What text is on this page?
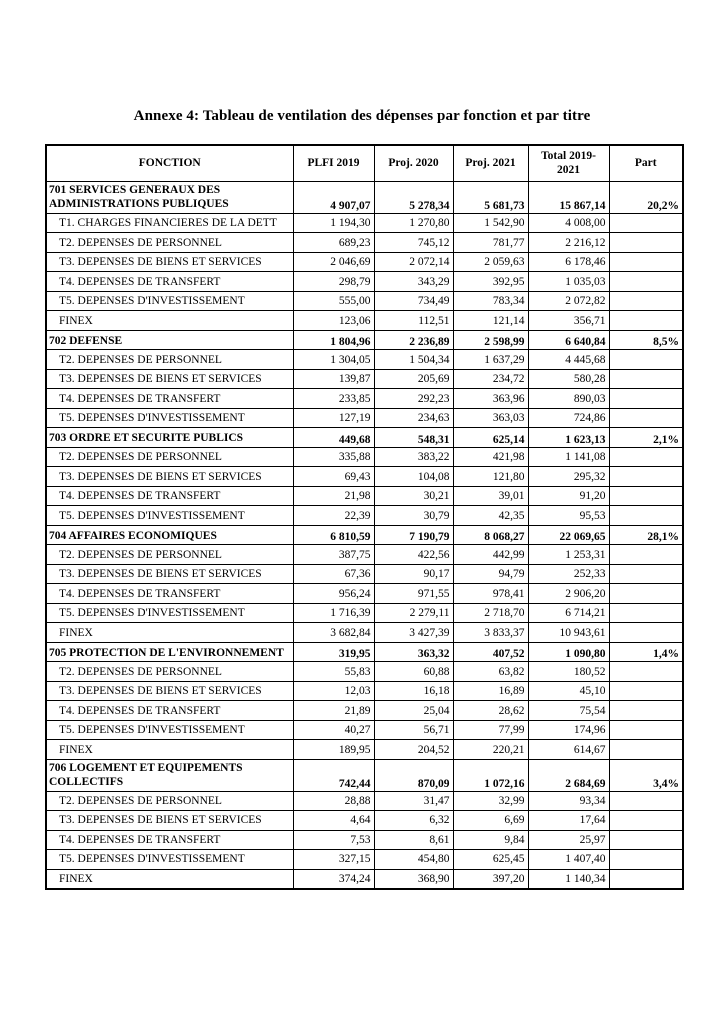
Annexe 4: Tableau de ventilation des dépenses par fonction et par titre
FONCTION	PLFI 2019	Proj. 2020	Proj. 2021	Total 2019-2021	Part
701 SERVICES GENERAUX DES ADMINISTRATIONS PUBLIQUES	4 907,07	5 278,34	5 681,73	15 867,14	20,2%
T1. CHARGES FINANCIERES DE LA DETT	1 194,30	1 270,80	1 542,90	4 008,00	
T2. DEPENSES DE PERSONNEL	689,23	745,12	781,77	2 216,12	
T3. DEPENSES DE BIENS ET SERVICES	2 046,69	2 072,14	2 059,63	6 178,46	
T4. DEPENSES DE TRANSFERT	298,79	343,29	392,95	1 035,03	
T5. DEPENSES D'INVESTISSEMENT	555,00	734,49	783,34	2 072,82	
FINEX	123,06	112,51	121,14	356,71	
702 DEFENSE	1 804,96	2 236,89	2 598,99	6 640,84	8,5%
T2. DEPENSES DE PERSONNEL	1 304,05	1 504,34	1 637,29	4 445,68	
T3. DEPENSES DE BIENS ET SERVICES	139,87	205,69	234,72	580,28	
T4. DEPENSES DE TRANSFERT	233,85	292,23	363,96	890,03	
T5. DEPENSES D'INVESTISSEMENT	127,19	234,63	363,03	724,86	
703 ORDRE ET SECURITE PUBLICS	449,68	548,31	625,14	1 623,13	2,1%
T2. DEPENSES DE PERSONNEL	335,88	383,22	421,98	1 141,08	
T3. DEPENSES DE BIENS ET SERVICES	69,43	104,08	121,80	295,32	
T4. DEPENSES DE TRANSFERT	21,98	30,21	39,01	91,20	
T5. DEPENSES D'INVESTISSEMENT	22,39	30,79	42,35	95,53	
704 AFFAIRES ECONOMIQUES	6 810,59	7 190,79	8 068,27	22 069,65	28,1%
T2. DEPENSES DE PERSONNEL	387,75	422,56	442,99	1 253,31	
T3. DEPENSES DE BIENS ET SERVICES	67,36	90,17	94,79	252,33	
T4. DEPENSES DE TRANSFERT	956,24	971,55	978,41	2 906,20	
T5. DEPENSES D'INVESTISSEMENT	1 716,39	2 279,11	2 718,70	6 714,21	
FINEX	3 682,84	3 427,39	3 833,37	10 943,61	
705 PROTECTION DE L'ENVIRONNEMENT	319,95	363,32	407,52	1 090,80	1,4%
T2. DEPENSES DE PERSONNEL	55,83	60,88	63,82	180,52	
T3. DEPENSES DE BIENS ET SERVICES	12,03	16,18	16,89	45,10	
T4. DEPENSES DE TRANSFERT	21,89	25,04	28,62	75,54	
T5. DEPENSES D'INVESTISSEMENT	40,27	56,71	77,99	174,96	
FINEX	189,95	204,52	220,21	614,67	
706 LOGEMENT ET EQUIPEMENTS COLLECTIFS	742,44	870,09	1 072,16	2 684,69	3,4%
T2. DEPENSES DE PERSONNEL	28,88	31,47	32,99	93,34	
T3. DEPENSES DE BIENS ET SERVICES	4,64	6,32	6,69	17,64	
T4. DEPENSES DE TRANSFERT	7,53	8,61	9,84	25,97	
T5. DEPENSES D'INVESTISSEMENT	327,15	454,80	625,45	1 407,40	
FINEX	374,24	368,90	397,20	1 140,34	
